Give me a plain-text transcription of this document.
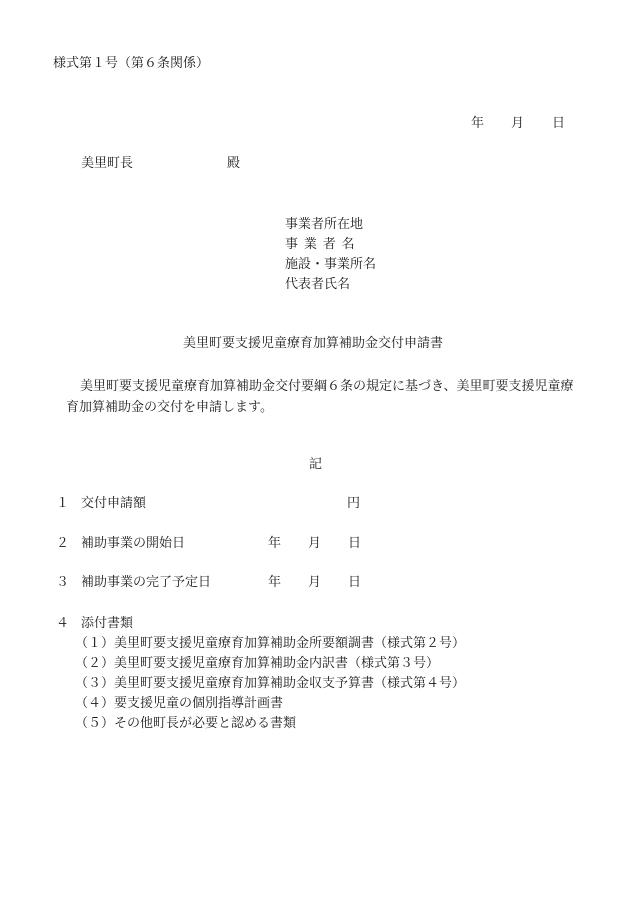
様式第１号（第６条関係）
年 月 日
美里町長	殿
事業者所在地
事業者名
施設・事業所名
代表者氏名
美里町要支援児童療育加算補助金交付申請書

美里町要支援児童療育加算補助金交付要綱６条の規定に基づき、美里町要支援児童療育加算補助金の交付を申請します。

記
１ 交付申請額	円
２ 補助事業の開始日	年 月 日
３ 補助事業の完了予定日	年 月 日
４ 添付書類
（１）美里町要支援児童療育加算補助金所要額調書（様式第２号）
（２）美里町要支援児童療育加算補助金内訳書（様式第３号）
（３）美里町要支援児童療育加算補助金収支予算書（様式第４号）
（４）要支援児童の個別指導計画書
（５）その他町長が必要と認める書類
